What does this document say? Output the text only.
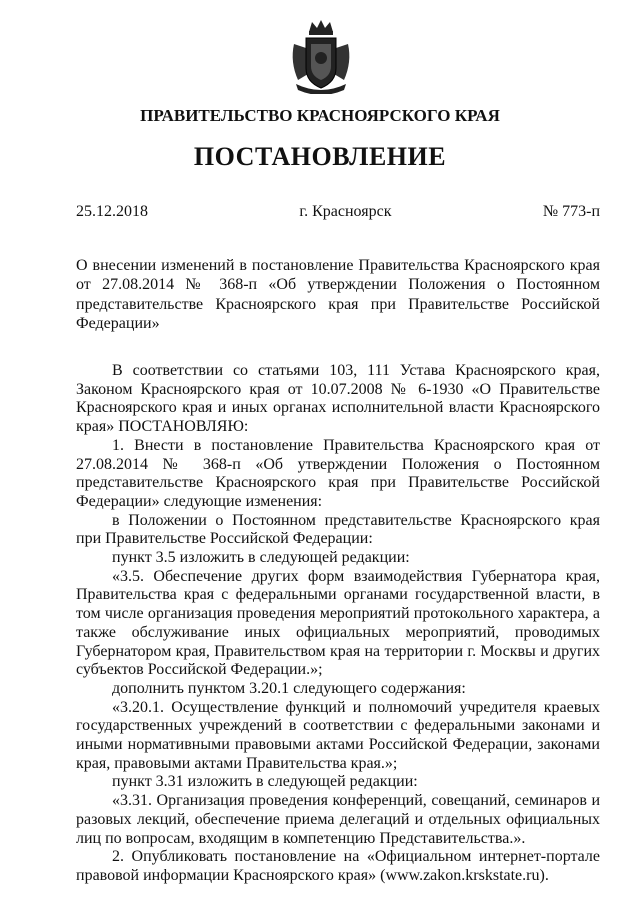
ПРАВИТЕЛЬСТВО КРАСНОЯРСКОГО КРАЯ
ПОСТАНОВЛЕНИЕ
25.12.2018	г. Красноярск	№ 773-п

О внесении изменений в постановление Правительства Красноярского края от 27.08.2014 № 368-п «Об утверждении Положения о Постоянном представительстве Красноярского края при Правительстве Российской Федерации»

В соответствии со статьями 103, 111 Устава Красноярского края, Законом Красноярского края от 10.07.2008 № 6-1930 «О Правительстве Красноярского края и иных органах исполнительной власти Красноярского края» ПОСТАНОВЛЯЮ:

1. Внести в постановление Правительства Красноярского края от 27.08.2014 № 368-п «Об утверждении Положения о Постоянном представительстве Красноярского края при Правительстве Российской Федерации» следующие изменения:

в Положении о Постоянном представительстве Красноярского края при Правительстве Российской Федерации:

пункт 3.5 изложить в следующей редакции:

«3.5. Обеспечение других форм взаимодействия Губернатора края, Правительства края с федеральными органами государственной власти, в том числе организация проведения мероприятий протокольного характера, а также обслуживание иных официальных мероприятий, проводимых Губернатором края, Правительством края на территории г. Москвы и других субъектов Российской Федерации.»;

дополнить пунктом 3.20.1 следующего содержания:

«3.20.1. Осуществление функций и полномочий учредителя краевых государственных учреждений в соответствии с федеральными законами и иными нормативными правовыми актами Российской Федерации, законами края, правовыми актами Правительства края.»;

пункт 3.31 изложить в следующей редакции:

«3.31. Организация проведения конференций, совещаний, семинаров и разовых лекций, обеспечение приема делегаций и отдельных официальных лиц по вопросам, входящим в компетенцию Представительства.».

2. Опубликовать постановление на «Официальном интернет-портале правовой информации Красноярского края» (www.zakon.krskstate.ru).
